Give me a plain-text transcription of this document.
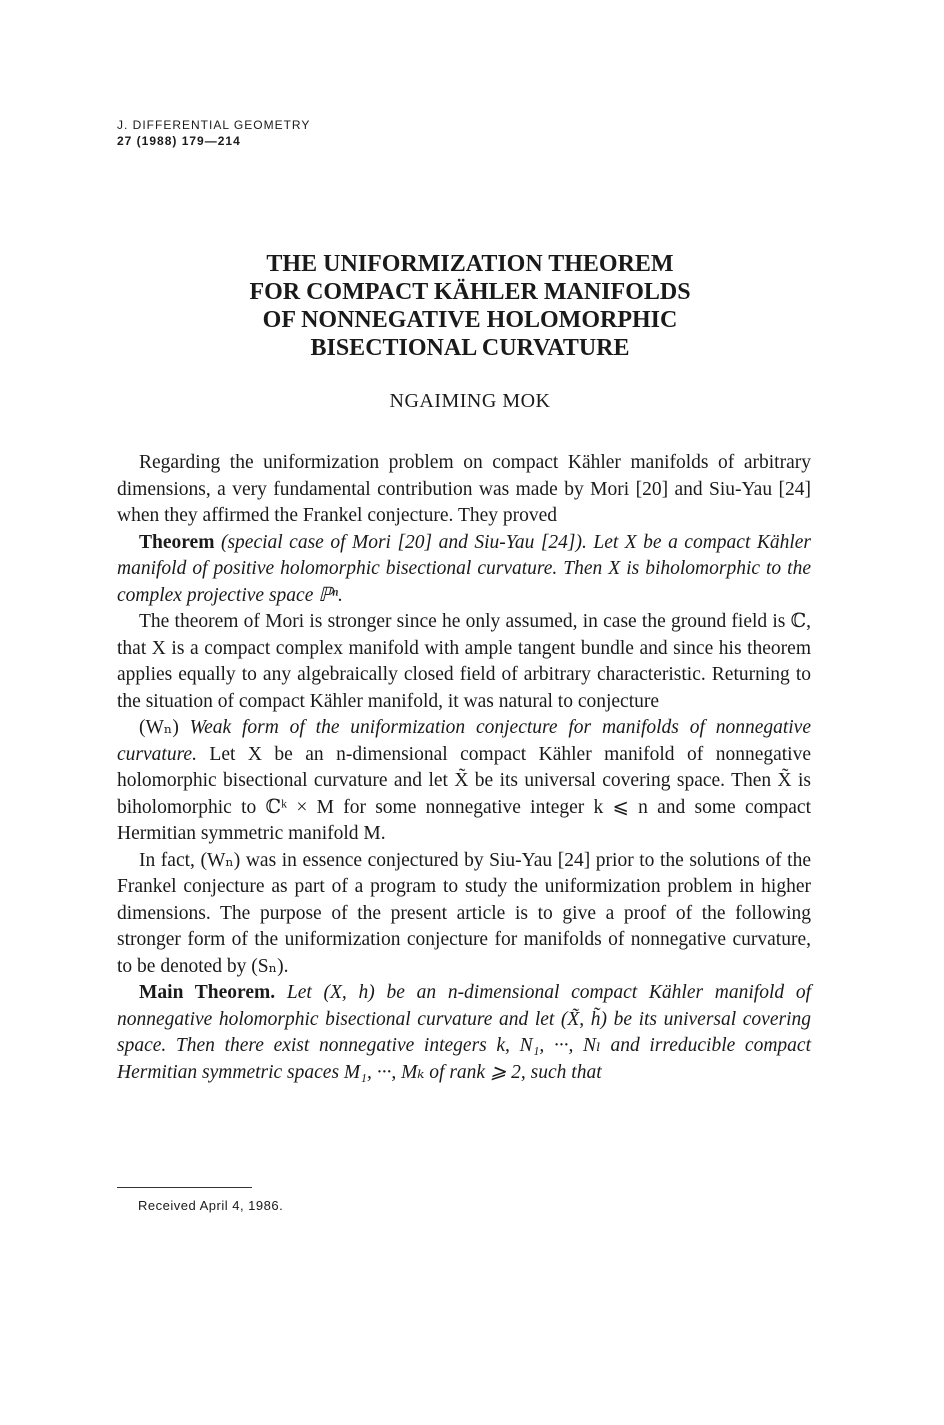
J. DIFFERENTIAL GEOMETRY
27 (1988) 179—214
THE UNIFORMIZATION THEOREM
FOR COMPACT KÄHLER MANIFOLDS
OF NONNEGATIVE HOLOMORPHIC
BISECTIONAL CURVATURE
NGAIMING MOK

Regarding the uniformization problem on compact Kähler manifolds of arbitrary dimensions, a very fundamental contribution was made by Mori [20] and Siu-Yau [24] when they affirmed the Frankel conjecture. They proved

Theorem (special case of Mori [20] and Siu-Yau [24]). Let X be a compact Kähler manifold of positive holomorphic bisectional curvature. Then X is biholomorphic to the complex projective space ℙⁿ.

The theorem of Mori is stronger since he only assumed, in case the ground field is ℂ, that X is a compact complex manifold with ample tangent bundle and since his theorem applies equally to any algebraically closed field of arbitrary characteristic. Returning to the situation of compact Kähler manifold, it was natural to conjecture

(Wₙ) Weak form of the uniformization conjecture for manifolds of nonnegative curvature. Let X be an n-dimensional compact Kähler manifold of nonnegative holomorphic bisectional curvature and let X̃ be its universal covering space. Then X̃ is biholomorphic to ℂᵏ × M for some nonnegative integer k ⩽ n and some compact Hermitian symmetric manifold M.

In fact, (Wₙ) was in essence conjectured by Siu-Yau [24] prior to the solutions of the Frankel conjecture as part of a program to study the uniformization problem in higher dimensions. The purpose of the present article is to give a proof of the following stronger form of the uniformization conjecture for manifolds of nonnegative curvature, to be denoted by (Sₙ).

Main Theorem. Let (X, h) be an n-dimensional compact Kähler manifold of nonnegative holomorphic bisectional curvature and let (X̃, h̃) be its universal covering space. Then there exist nonnegative integers k, N₁, ···, Nₗ and irreducible compact Hermitian symmetric spaces M₁, ···, Mₖ of rank ⩾ 2, such that

Received April 4, 1986.
